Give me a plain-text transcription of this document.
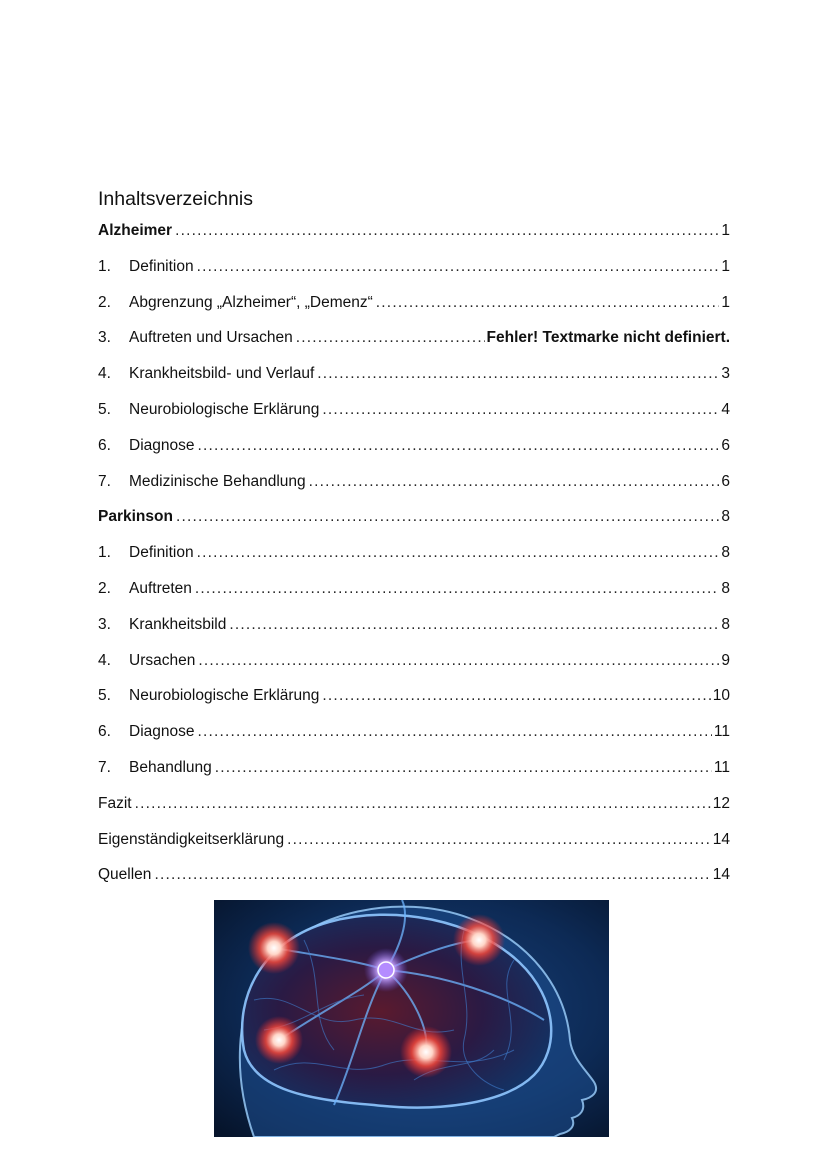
Inhaltsverzeichnis
Alzheimer .....	1
1.	Definition .....	1
2.	Abgrenzung „Alzheimer“, „Demenz“ .....	1
3.	Auftreten und Ursachen .....	Fehler! Textmarke nicht definiert.
4.	Krankheitsbild- und Verlauf .....	3
5.	Neurobiologische Erklärung .....	4
6.	Diagnose .....	6
7.	Medizinische Behandlung .....	6
Parkinson .....	8
1.	Definition .....	8
2.	Auftreten .....	8
3.	Krankheitsbild .....	8
4.	Ursachen .....	9
5.	Neurobiologische Erklärung .....	10
6.	Diagnose .....	11
7.	Behandlung .....	11
Fazit .....	12
Eigenständigkeitserklärung .....	14
Quellen .....	14
